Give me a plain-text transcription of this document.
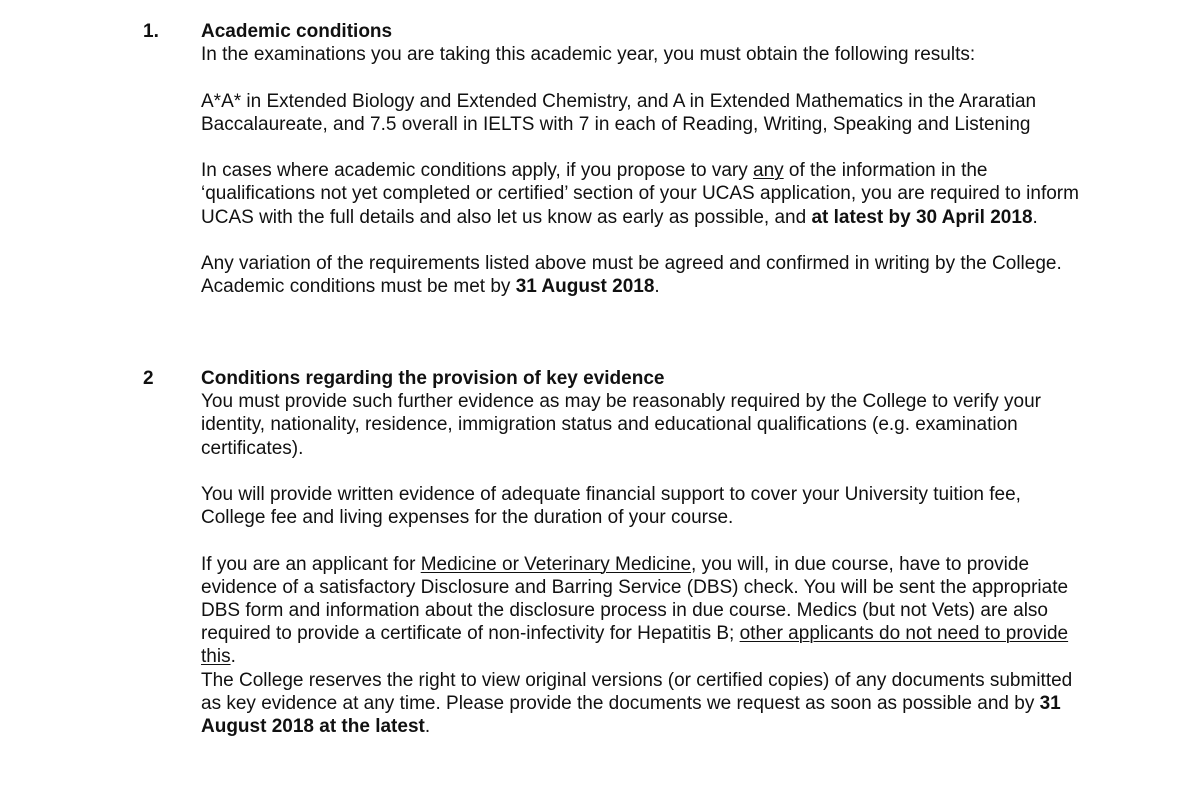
1. Academic conditions

In the examinations you are taking this academic year, you must obtain the following results:

A*A* in Extended Biology and Extended Chemistry, and A in Extended Mathematics in the Araratian Baccalaureate, and 7.5 overall in IELTS with 7 in each of Reading, Writing, Speaking and Listening

In cases where academic conditions apply, if you propose to vary any of the information in the ‘qualifications not yet completed or certified’ section of your UCAS application, you are required to inform UCAS with the full details and also let us know as early as possible, and at latest by 30 April 2018.

Any variation of the requirements listed above must be agreed and confirmed in writing by the College. Academic conditions must be met by 31 August 2018.

2 Conditions regarding the provision of key evidence

You must provide such further evidence as may be reasonably required by the College to verify your identity, nationality, residence, immigration status and educational qualifications (e.g. examination certificates).

You will provide written evidence of adequate financial support to cover your University tuition fee, College fee and living expenses for the duration of your course.

If you are an applicant for Medicine or Veterinary Medicine, you will, in due course, have to provide evidence of a satisfactory Disclosure and Barring Service (DBS) check. You will be sent the appropriate DBS form and information about the disclosure process in due course. Medics (but not Vets) are also required to provide a certificate of non-infectivity for Hepatitis B; other applicants do not need to provide this.

The College reserves the right to view original versions (or certified copies) of any documents submitted as key evidence at any time. Please provide the documents we request as soon as possible and by 31 August 2018 at the latest.
